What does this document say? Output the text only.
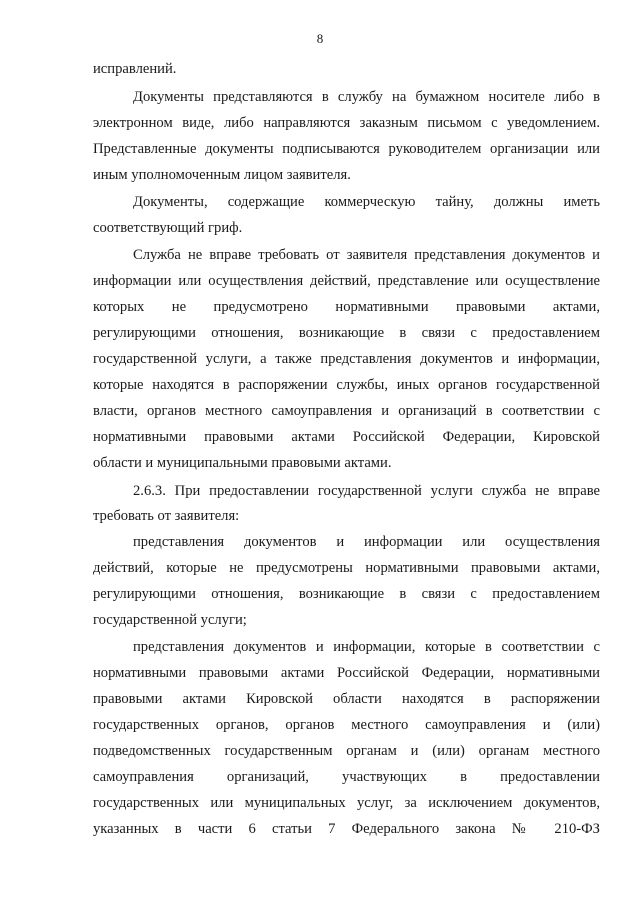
8
исправлений.
Документы представляются в службу на бумажном носителе либо в
электронном виде, либо направляются заказным письмом с уведомлением.
Представленные документы подписываются руководителем организации или
иным уполномоченным лицом заявителя.
Документы, содержащие коммерческую тайну, должны иметь
соответствующий гриф.
Служба не вправе требовать от заявителя представления документов и
информации или осуществления действий, представление или осуществление
которых не предусмотрено нормативными правовыми актами,
регулирующими отношения, возникающие в связи с предоставлением
государственной услуги, а также представления документов и информации,
которые находятся в распоряжении службы, иных органов государственной
власти, органов местного самоуправления и организаций в соответствии с
нормативными правовыми актами Российской Федерации, Кировской
области и муниципальными правовыми актами.
2.6.3. При предоставлении государственной услуги служба не вправе
требовать от заявителя:
представления документов и информации или осуществления
действий, которые не предусмотрены нормативными правовыми актами,
регулирующими отношения, возникающие в связи с предоставлением
государственной услуги;
представления документов и информации, которые в соответствии с
нормативными правовыми актами Российской Федерации, нормативными
правовыми актами Кировской области находятся в распоряжении
государственных органов, органов местного самоуправления и (или)
подведомственных государственным органам и (или) органам местного
самоуправления организаций, участвующих в предоставлении
государственных или муниципальных услуг, за исключением документов,
указанных в части 6 статьи 7 Федерального закона № 210-ФЗ
